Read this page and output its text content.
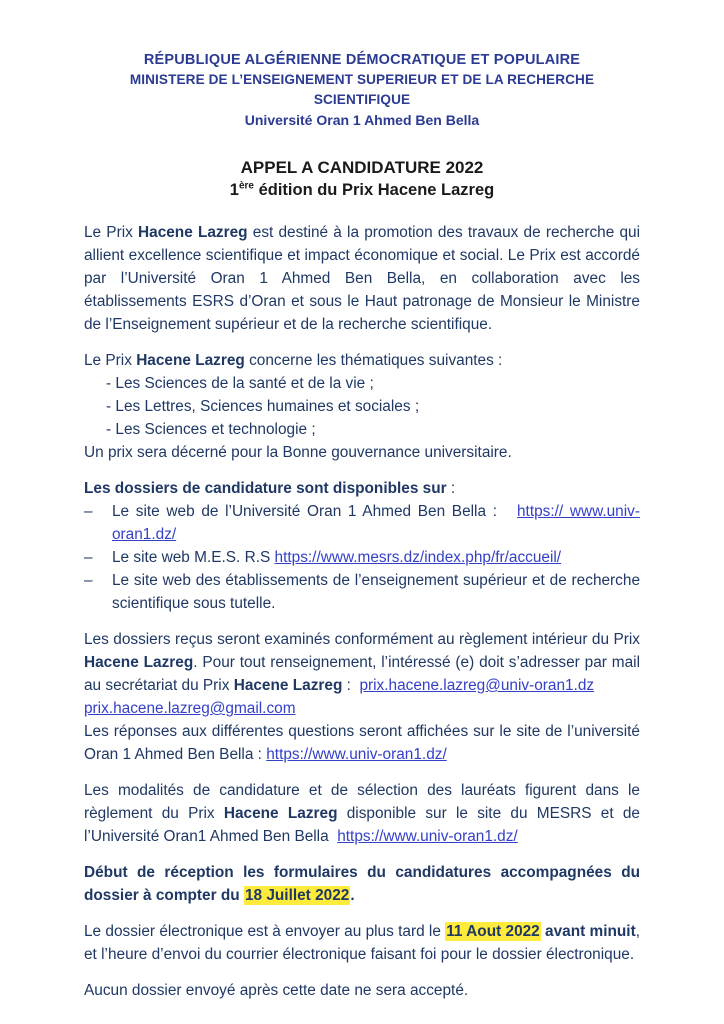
RÉPUBLIQUE ALGÉRIENNE DÉMOCRATIQUE ET POPULAIRE
MINISTERE DE L’ENSEIGNEMENT SUPERIEUR ET DE LA RECHERCHE SCIENTIFIQUE
Université Oran 1 Ahmed Ben Bella
APPEL A CANDIDATURE 2022
1ère édition du Prix Hacene Lazreg
Le Prix Hacene Lazreg est destiné à la promotion des travaux de recherche qui allient excellence scientifique et impact économique et social. Le Prix est accordé par l’Université Oran 1 Ahmed Ben Bella, en collaboration avec les établissements ESRS d’Oran et sous le Haut patronage de Monsieur le Ministre de l’Enseignement supérieur et de la recherche scientifique.
Le Prix Hacene Lazreg concerne les thématiques suivantes :
- Les Sciences de la santé et de la vie ;
- Les Lettres, Sciences humaines et sociales ;
- Les Sciences et technologie ;
Un prix sera décerné pour la Bonne gouvernance universitaire.
Les dossiers de candidature sont disponibles sur :
– Le site web de l’Université Oran 1 Ahmed Ben Bella :   https:// www.univ-oran1.dz/
– Le site web M.E.S. R.S https://www.mesrs.dz/index.php/fr/accueil/
– Le site web des établissements de l’enseignement supérieur et de recherche scientifique sous tutelle.
Les dossiers reçus seront examinés conformément au règlement intérieur du Prix Hacene Lazreg. Pour tout renseignement, l’intéressé (e) doit s’adresser par mail au secrétariat du Prix Hacene Lazreg :  prix.hacene.lazreg@univ-oran1.dz
prix.hacene.lazreg@gmail.com
Les réponses aux différentes questions seront affichées sur le site de l’université Oran 1 Ahmed Ben Bella : https://www.univ-oran1.dz/
Les modalités de candidature et de sélection des lauréats figurent dans le règlement du Prix Hacene Lazreg disponible sur le site du MESRS et de l’Université Oran1 Ahmed Ben Bella  https://www.univ-oran1.dz/
Début de réception les formulaires du candidatures accompagnées du dossier à compter du 18 Juillet 2022.
Le dossier électronique est à envoyer au plus tard le 11 Aout 2022 avant minuit, et l’heure d’envoi du courrier électronique faisant foi pour le dossier électronique.
Aucun dossier envoyé après cette date ne sera accepté.
